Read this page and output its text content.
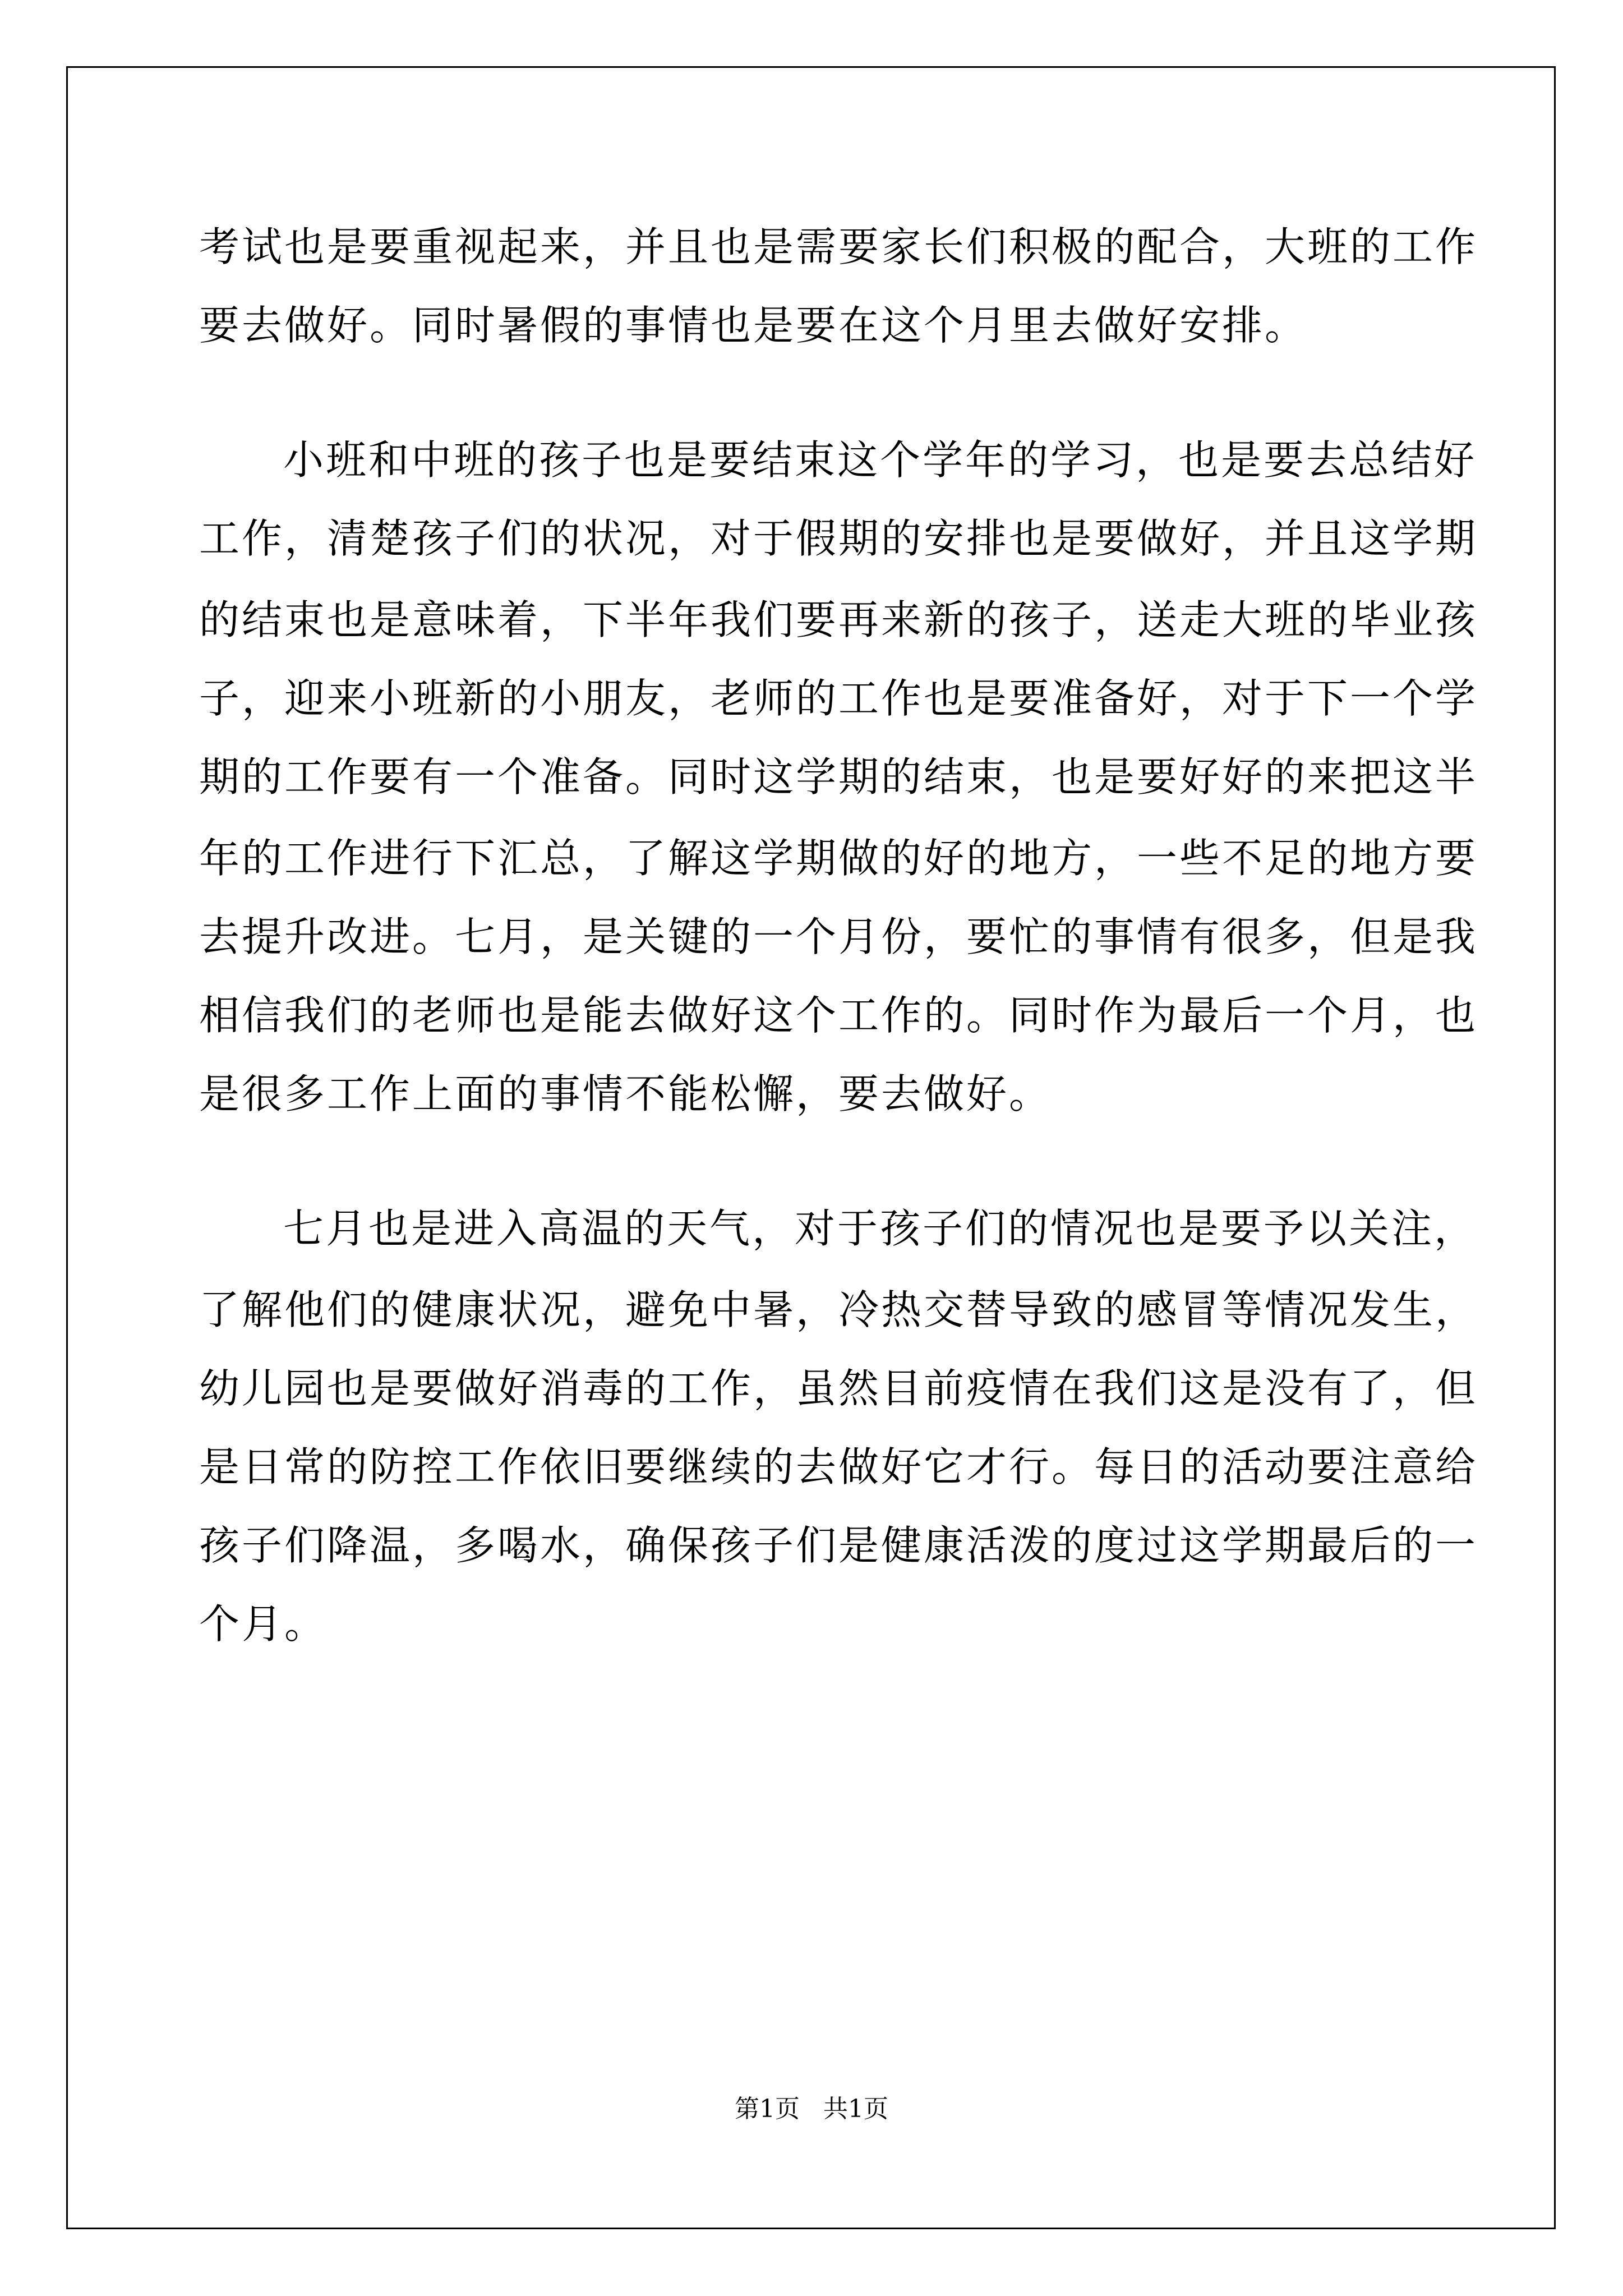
考试也是要重视起来，并且也是需要家长们积极的配合，大班的工作
要去做好。同时暑假的事情也是要在这个月里去做好安排。
小班和中班的孩子也是要结束这个学年的学习，也是要去总结好
工作，清楚孩子们的状况，对于假期的安排也是要做好，并且这学期
的结束也是意味着，下半年我们要再来新的孩子，送走大班的毕业孩
子，迎来小班新的小朋友，老师的工作也是要准备好，对于下一个学
期的工作要有一个准备。同时这学期的结束，也是要好好的来把这半
年的工作进行下汇总，了解这学期做的好的地方，一些不足的地方要
去提升改进。七月，是关键的一个月份，要忙的事情有很多，但是我
相信我们的老师也是能去做好这个工作的。同时作为最后一个月，也
是很多工作上面的事情不能松懈，要去做好。
七月也是进入高温的天气，对于孩子们的情况也是要予以关注，
了解他们的健康状况，避免中暑，冷热交替导致的感冒等情况发生，
幼儿园也是要做好消毒的工作，虽然目前疫情在我们这是没有了，但
是日常的防控工作依旧要继续的去做好它才行。每日的活动要注意给
孩子们降温，多喝水，确保孩子们是健康活泼的度过这学期最后的一
个月。
第1页   共1页
